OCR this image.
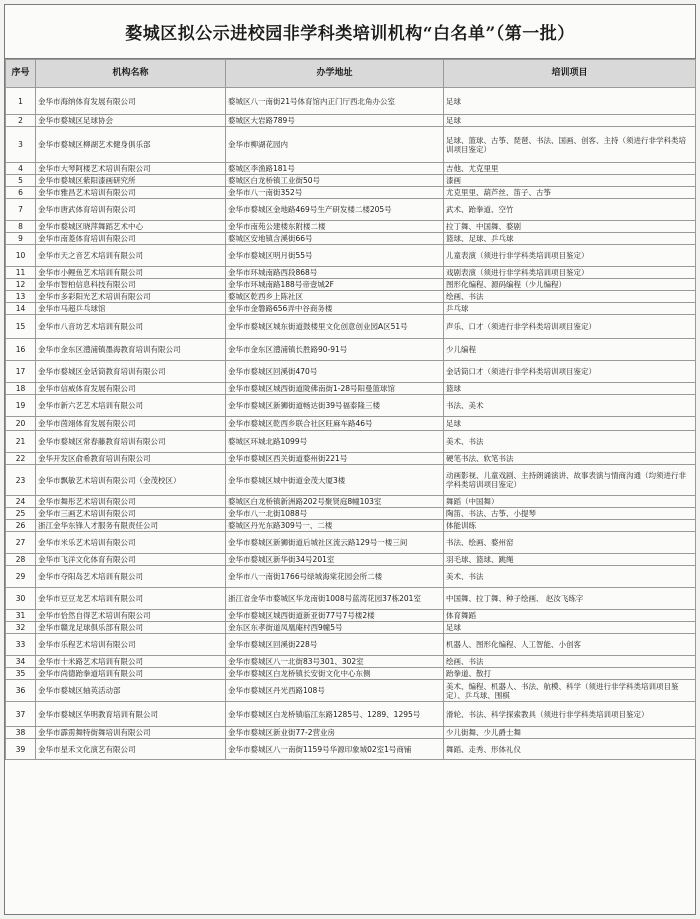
婺城区拟公示进校园非学科类培训机构“白名单”（第一批）
序号	机构名称	办学地址	培训项目
1	金华市海纳体育发展有限公司	婺城区八一南街21号体育馆内正门厅西北角办公室	足球
2	金华市婺城区足球协会	婺城区大岩路789号	足球
3	金华市婺城区柳湖艺术健身俱乐部	金华市柳湖花园内	足球、篮球、古筝、琵琶、书法、国画、创客、主持（须进行非学科类培训项目鉴定）
4	金华市大琴阿楼艺术培训有限公司	婺城区李渔路181号	吉他、尤克里里
5	金华市婺城区紫阳漆画研究所	婺城区白龙桥镇工业街50号	漆画
6	金华市雅昌艺术培训有限公司	金华市八一南街352号	尤克里里、葫芦丝、笛子、古筝
7	金华市唐武体育培训有限公司	金华市婺城区金地路469号生产研发楼二楼205号	武术、跆拳道、空竹
8	金华市婺城区晓萍舞蹈艺术中心	金华市南苑公建楼东附楼二楼	拉丁舞、中国舞、婺剧
9	金华市南菱体育培训有限公司	婺城区安地镇含溪街66号	篮球、足球、乒乓球
10	金华市天之音艺术培训有限公司	金华市婺城区明月街55号	儿童表演（须进行非学科类培训项目鉴定）
11	金华市小鲤鱼艺术培训有限公司	金华市环城南路西段868号	戏剧表演（须进行非学科类培训项目鉴定）
12	金华市智柏信息科技有限公司	金华市环城南路188号帝壹城2F	图形化编程、源码编程（少儿编程）
13	金华市多彩阳光艺术培训有限公司	婺城区乾西乡上陈社区	绘画、书法
14	金华市马超乒乓球馆	金华市金磐路656弄中谷商务楼	乒乓球
15	金华市八音坊艺术培训有限公司	金华市婺城区城东街道鼓楼里文化创意创业园A区51号	声乐、口才（须进行非学科类培训项目鉴定）
16	金华市金东区澧浦镇墨海教育培训有限公司	金华市金东区澧浦镇长胜路90-91号	少儿编程
17	金华市婺城区金话筒教育培训有限公司	金华市婺城区回溪街470号	金话筒口才（须进行非学科类培训项目鉴定）
18	金华市信威体育发展有限公司	金华市婺城区城西街道陇佛南街1-28号阳曼篮球馆	篮球
19	金华市新六艺艺术培训有限公司	金华市婺城区新狮街道畅达街39号福泰隆三楼	书法、美术
20	金华市茵翊体育发展有限公司	金华市婺城区乾西乡联合社区旺麻车路46号	足球
21	金华市婺城区常春藤教育培训有限公司	婺城区环城北路1099号	美术、书法
22	金华开发区俞希教育培训有限公司	金华市婺城区西关街道婺州街221号	硬笔书法、软笔书法
23	金华市飘敏艺术培训有限公司（金茂校区）	金华市婺城区城中街道金茂大厦3楼	动画影视、儿童戏剧、主持朗诵演讲、故事表演与情商沟通（均须进行非学科类培训项目鉴定）
24	金华市舞彤艺术培训有限公司	婺城区白龙桥镇新洲路202号聚贤庭8幢103室	舞蹈（中国舞）
25	金华市三画艺术培训有限公司	金华市八一北街1088号	陶笛、书法、古筝、小提琴
26	浙江金华东锋人才服务有限责任公司	婺城区丹光东路309号一、二楼	体能训练
27	金华市米乐艺术培训有限公司	金华市婺城区新狮街道后城社区流云路129号一楼三间	书法、绘画、婺州窑
28	金华市飞洋文化体育有限公司	金华市婺城区新华街34号201室	羽毛球、篮球、跳绳
29	金华市夺阳岛艺术培训有限公司	金华市八一南街1766号绿城海棠花园会所二楼	美术、书法
30	金华市豆豆龙艺术培训有限公司	浙江省金华市婺城区华龙南街1008号蓝湾花园37栋201室	中国舞、拉丁舞、种子绘画、 赵汝飞练字
31	金华市恰然自得艺术培训有限公司	金华市婺城区城西街道新亚街77号7号楼2楼	体育舞蹈
32	金华市赣龙足球俱乐部有限公司	金东区东孝街道凤凰庵村西9幢5号	足球
33	金华市乐程艺术培训有限公司	金华市婺城区回溪街228号	机器人、图形化编程、人工智能、小创客
34	金华市十米路艺术培训有限公司	金华市婺城区八一北街83号301、302室	绘画、书法
35	金华市尚德跆拳道培训有限公司	金华市婺城区白龙桥镇长安街文化中心东侧	跆拳道、散打
36	金华市婺城区轴英活动部	金华市婺城区丹光西路108号	美术、编程、机器人、书法、航模、科学（须进行非学科类培训项目鉴定）、乒乓球、围棋
37	金华市婺城区华明教育培训有限公司	金华市婺城区白龙桥镇临江东路1285号、1289、1295号	滑轮、书法、科学探索教具（须进行非学科类培训项目鉴定）
38	金华市霹雳舞特街舞培训有限公司	金华市婺城区新业街77-2营业房	少儿街舞、少儿爵士舞
39	金华市星禾文化演艺有限公司	金华市婺城区八一南街1159号华源印象城02室1号商铺	舞蹈、走秀、形体礼仪
